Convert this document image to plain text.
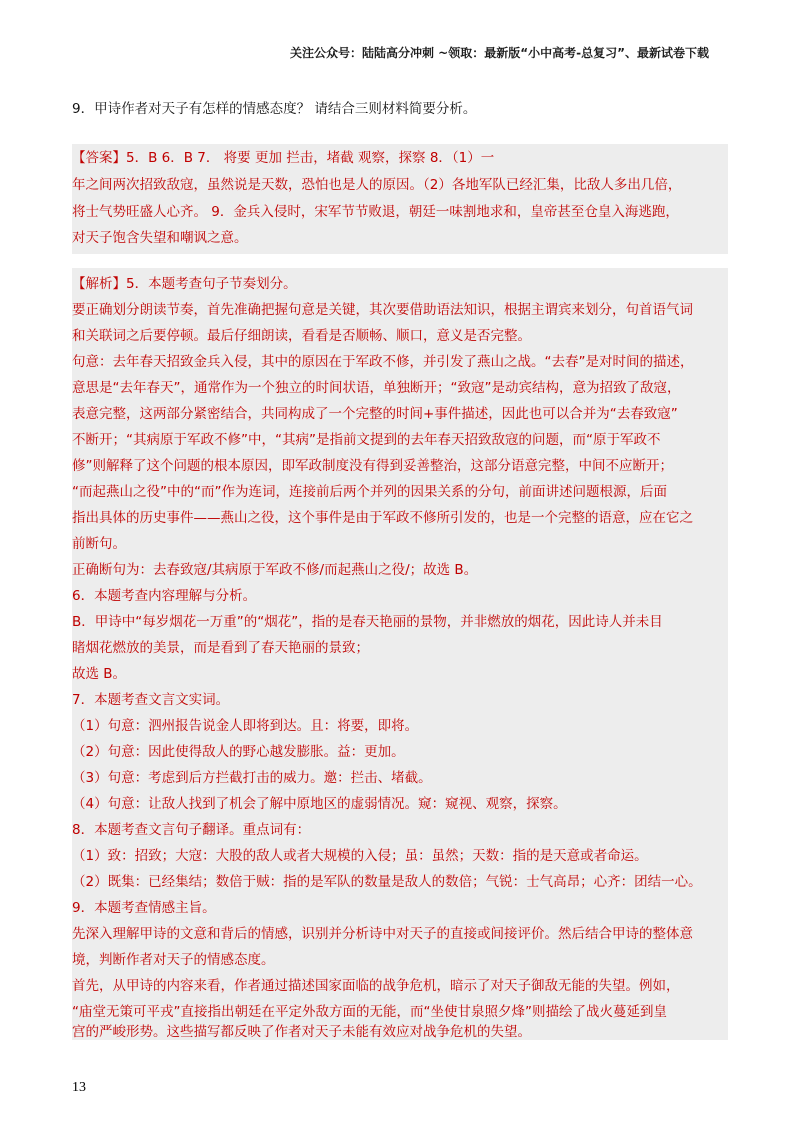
关注公众号：陆陆高分冲刺 ~领取：最新版“小中高考-总复习”、最新试卷下载
9．甲诗作者对天子有怎样的情感态度？ 请结合三则材料简要分析。
【答案】5．B 6．B 7． 将要 更加 拦击，堵截 观察，探察 8．（1）一
年之间两次招致敌寇，虽然说是天数，恐怕也是人的原因。（2）各地军队已经汇集，比敌人多出几倍，
将士气势旺盛人心齐。 9．金兵入侵时，宋军节节败退，朝廷一味割地求和，皇帝甚至仓皇入海逃跑，
对天子饱含失望和嘲讽之意。
【解析】5．本题考查句子节奏划分。
要正确划分朗读节奏，首先准确把握句意是关键，其次要借助语法知识，根据主谓宾来划分，句首语气词
和关联词之后要停顿。最后仔细朗读，看看是否顺畅、顺口，意义是否完整。
句意：去年春天招致金兵入侵，其中的原因在于军政不修，并引发了燕山之战。“去春”是对时间的描述，
意思是“去年春天”，通常作为一个独立的时间状语，单独断开；“致寇”是动宾结构，意为招致了敌寇，
表意完整，这两部分紧密结合，共同构成了一个完整的时间+事件描述，因此也可以合并为“去春致寇”
不断开；“其病原于军政不修”中，“其病”是指前文提到的去年春天招致敌寇的问题，而“原于军政不
修”则解释了这个问题的根本原因，即军政制度没有得到妥善整治，这部分语意完整，中间不应断开；
“而起燕山之役”中的“而”作为连词，连接前后两个并列的因果关系的分句，前面讲述问题根源，后面
指出具体的历史事件——燕山之役，这个事件是由于军政不修所引发的，也是一个完整的语意，应在它之
前断句。
正确断句为：去春致寇/其病原于军政不修/而起燕山之役/；故选 B。
6．本题考查内容理解与分析。
B．甲诗中“每岁烟花一万重”的“烟花”，指的是春天艳丽的景物，并非燃放的烟花，因此诗人并未目
睹烟花燃放的美景，而是看到了春天艳丽的景致；
故选 B。
7．本题考查文言文实词。
（1）句意：泗州报告说金人即将到达。且：将要，即将。
（2）句意：因此使得敌人的野心越发膨胀。益：更加。
（3）句意：考虑到后方拦截打击的威力。邀：拦击、堵截。
（4）句意：让敌人找到了机会了解中原地区的虚弱情况。窥：窥视、观察，探察。
8．本题考查文言句子翻译。重点词有：
（1）致：招致；大寇：大股的敌人或者大规模的入侵；虽：虽然；天数：指的是天意或者命运。
（2）既集：已经集结；数倍于贼：指的是军队的数量是敌人的数倍；气锐：士气高昂；心齐：团结一心。
9．本题考查情感主旨。
先深入理解甲诗的文意和背后的情感，识别并分析诗中对天子的直接或间接评价。然后结合甲诗的整体意
境，判断作者对天子的情感态度。
首先，从甲诗的内容来看，作者通过描述国家面临的战争危机，暗示了对天子御敌无能的失望。例如，
“庙堂无策可平戎”直接指出朝廷在平定外敌方面的无能，而“坐使甘泉照夕烽”则描绘了战火蔓延到皇
宫的严峻形势。这些描写都反映了作者对天子未能有效应对战争危机的失望。
13
